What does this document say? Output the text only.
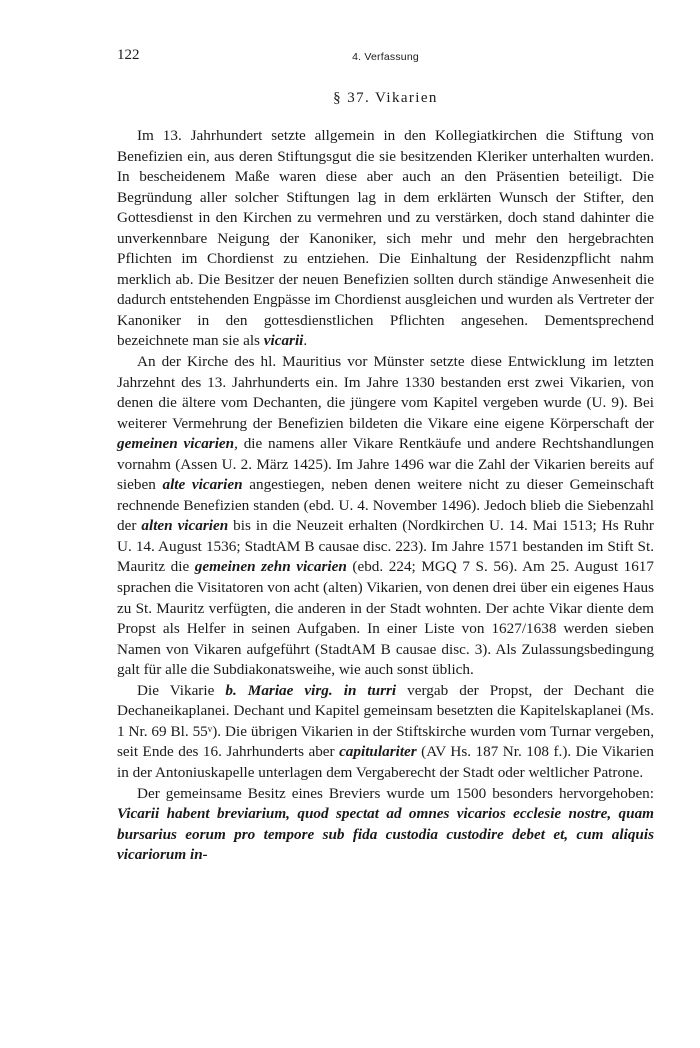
122	4. Verfassung
§ 37. Vikarien

Im 13. Jahrhundert setzte allgemein in den Kollegiatkirchen die Stiftung von Benefizien ein, aus deren Stiftungsgut die sie besitzenden Kleriker unterhalten wurden. In bescheidenem Maße waren diese aber auch an den Präsentien beteiligt. Die Begründung aller solcher Stiftungen lag in dem erklärten Wunsch der Stifter, den Gottesdienst in den Kirchen zu vermehren und zu verstärken, doch stand dahinter die unverkennbare Neigung der Kanoniker, sich mehr und mehr den hergebrachten Pflichten im Chordienst zu entziehen. Die Einhaltung der Residenzpflicht nahm merklich ab. Die Besitzer der neuen Benefizien sollten durch ständige Anwesenheit die dadurch entstehenden Engpässe im Chordienst ausgleichen und wurden als Vertreter der Kanoniker in den gottesdienstlichen Pflichten angesehen. Dementsprechend bezeichnete man sie als vicarii.

An der Kirche des hl. Mauritius vor Münster setzte diese Entwicklung im letzten Jahrzehnt des 13. Jahrhunderts ein. Im Jahre 1330 bestanden erst zwei Vikarien, von denen die ältere vom Dechanten, die jüngere vom Kapitel vergeben wurde (U. 9). Bei weiterer Vermehrung der Benefizien bildeten die Vikare eine eigene Körperschaft der gemeinen vicarien, die namens aller Vikare Rentkäufe und andere Rechtshandlungen vornahm (Assen U. 2. März 1425). Im Jahre 1496 war die Zahl der Vikarien bereits auf sieben alte vicarien angestiegen, neben denen weitere nicht zu dieser Gemeinschaft rechnende Benefizien standen (ebd. U. 4. November 1496). Jedoch blieb die Siebenzahl der alten vicarien bis in die Neuzeit erhalten (Nordkirchen U. 14. Mai 1513; Hs Ruhr U. 14. August 1536; StadtAM B causae disc. 223). Im Jahre 1571 bestanden im Stift St. Mauritz die gemeinen zehn vicarien (ebd. 224; MGQ 7 S. 56). Am 25. August 1617 sprachen die Visitatoren von acht (alten) Vikarien, von denen drei über ein eigenes Haus zu St. Mauritz verfügten, die anderen in der Stadt wohnten. Der achte Vikar diente dem Propst als Helfer in seinen Aufgaben. In einer Liste von 1627/1638 werden sieben Namen von Vikaren aufgeführt (StadtAM B causae disc. 3). Als Zulassungsbedingung galt für alle die Subdiakonatsweihe, wie auch sonst üblich.

Die Vikarie b. Mariae virg. in turri vergab der Propst, der Dechant die Dechaneikaplanei. Dechant und Kapitel gemeinsam besetzten die Kapitelskaplanei (Ms. 1 Nr. 69 Bl. 55ᵛ). Die übrigen Vikarien in der Stiftskirche wurden vom Turnar vergeben, seit Ende des 16. Jahrhunderts aber capitulariter (AV Hs. 187 Nr. 108 f.). Die Vikarien in der Antoniuskapelle unterlagen dem Vergaberecht der Stadt oder weltlicher Patrone.

Der gemeinsame Besitz eines Breviers wurde um 1500 besonders hervorgehoben: Vicarii habent breviarium, quod spectat ad omnes vicarios ecclesie nostre, quam bursarius eorum pro tempore sub fida custodia custodire debet et, cum aliquis vicariorum in-
